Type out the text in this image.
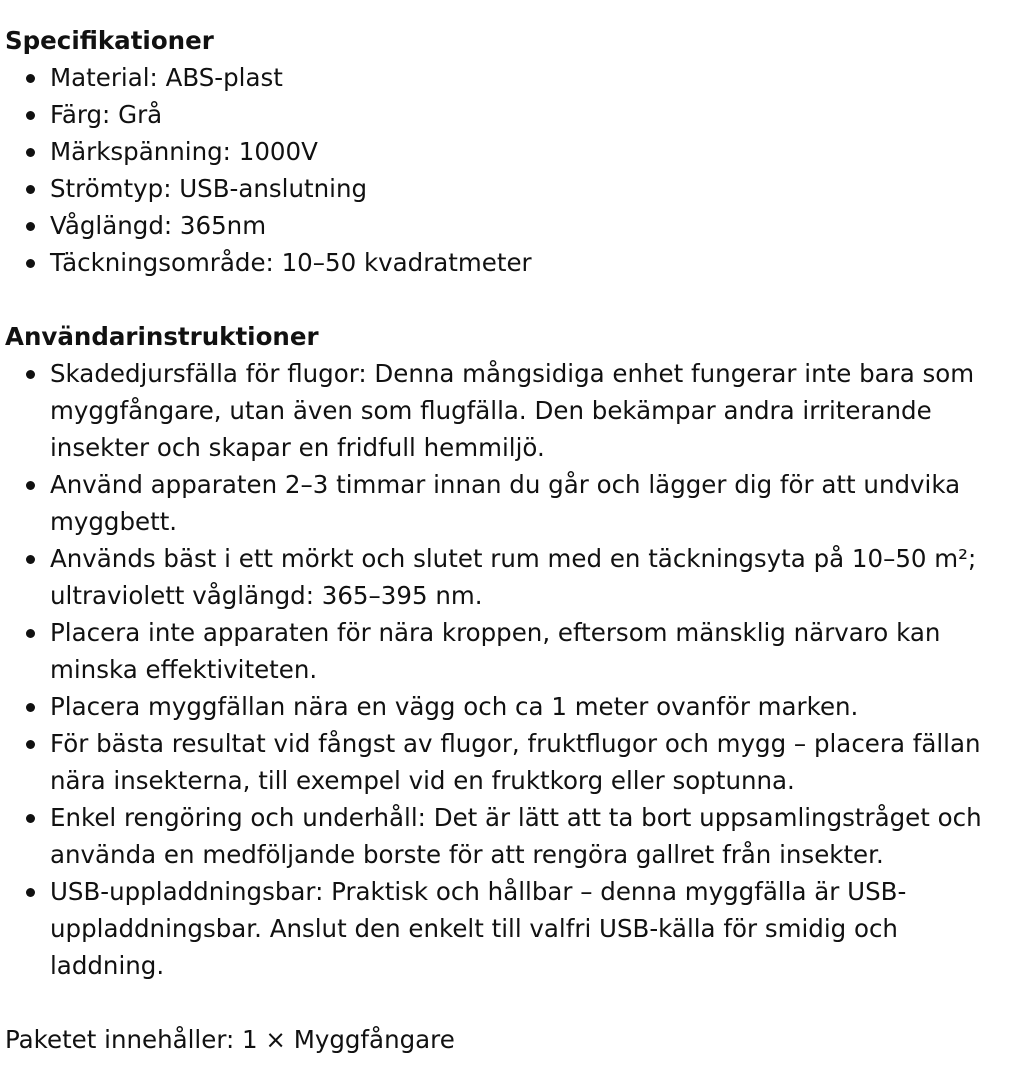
Specifikationer

Material: ABS-plast
Färg: Grå
Märkspänning: 1000V
Strömtyp: USB-anslutning
Våglängd: 365nm
Täckningsområde: 10–50 kvadratmeter

Användarinstruktioner

Skadedjursfälla för flugor: Denna mångsidiga enhet fungerar inte bara som myggfångare, utan även som flugfälla. Den bekämpar andra irriterande insekter och skapar en fridfull hemmiljö.
Använd apparaten 2–3 timmar innan du går och lägger dig för att undvika myggbett.
Används bäst i ett mörkt och slutet rum med en täckningsyta på 10–50 m²; ultraviolett våglängd: 365–395 nm.
Placera inte apparaten för nära kroppen, eftersom mänsklig närvaro kan minska effektiviteten.
Placera myggfällan nära en vägg och ca 1 meter ovanför marken.
För bästa resultat vid fångst av flugor, fruktflugor och mygg – placera fällan nära insekterna, till exempel vid en fruktkorg eller soptunna.
Enkel rengöring och underhåll: Det är lätt att ta bort uppsamlingstråget och använda en medföljande borste för att rengöra gallret från insekter.
USB-uppladdningsbar: Praktisk och hållbar – denna myggfälla är USB-uppladdningsbar. Anslut den enkelt till valfri USB-källa för smidig och laddning.

Paketet innehåller: 1 × Myggfångare
